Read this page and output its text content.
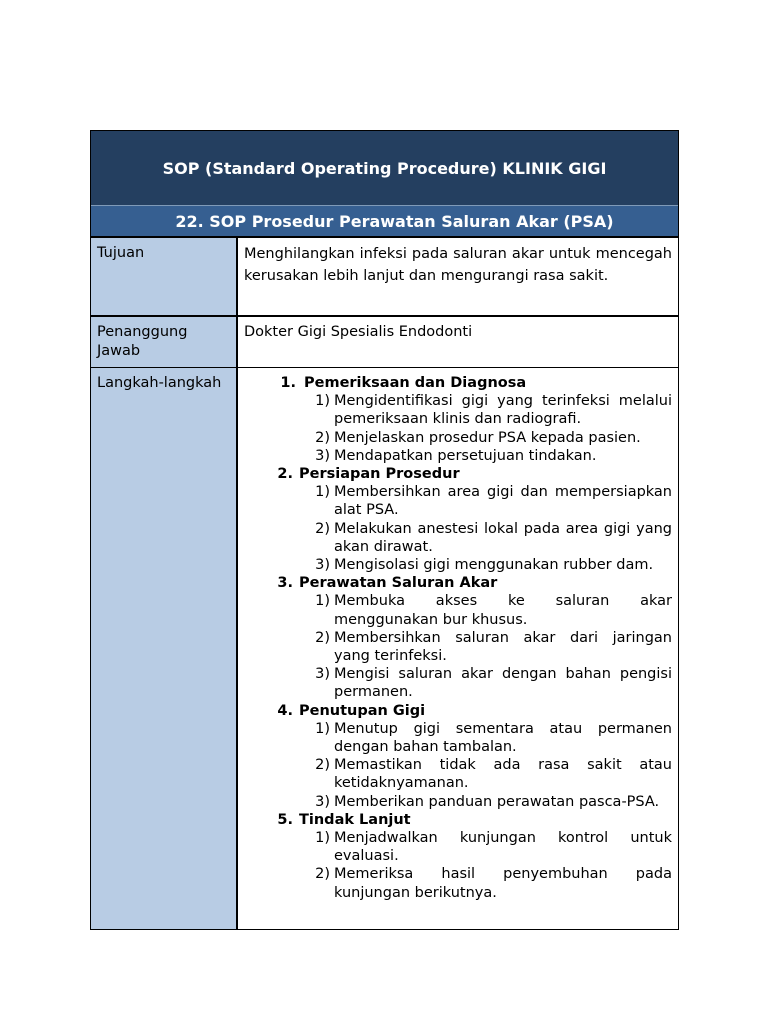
SOP (Standard Operating Procedure) KLINIK GIGI
22. SOP Prosedur Perawatan Saluran Akar (PSA)
Tujuan	Menghilangkan infeksi pada saluran akar untuk mencegah kerusakan lebih lanjut dan mengurangi rasa sakit.
Penanggung
Jawab
Dokter Gigi Spesialis Endodonti
Langkah-langkah	1. Pemeriksaan dan Diagnosa
1) Mengidentifikasi gigi yang terinfeksi melalui pemeriksaan klinis dan radiografi.
2) Menjelaskan prosedur PSA kepada pasien.
3) Mendapatkan persetujuan tindakan.
2. Persiapan Prosedur
1) Membersihkan area gigi dan mempersiapkan alat PSA.
2) Melakukan anestesi lokal pada area gigi yang akan dirawat.
3) Mengisolasi gigi menggunakan rubber dam.
3. Perawatan Saluran Akar
1) Membuka akses ke saluran akar menggunakan bur khusus.
2) Membersihkan saluran akar dari jaringan yang terinfeksi.
3) Mengisi saluran akar dengan bahan pengisi permanen.
4. Penutupan Gigi
1) Menutup gigi sementara atau permanen dengan bahan tambalan.
2) Memastikan tidak ada rasa sakit atau ketidaknyamanan.
3) Memberikan panduan perawatan pasca-PSA.
5. Tindak Lanjut
1) Menjadwalkan kunjungan kontrol untuk evaluasi.
2) Memeriksa hasil penyembuhan pada kunjungan berikutnya.
